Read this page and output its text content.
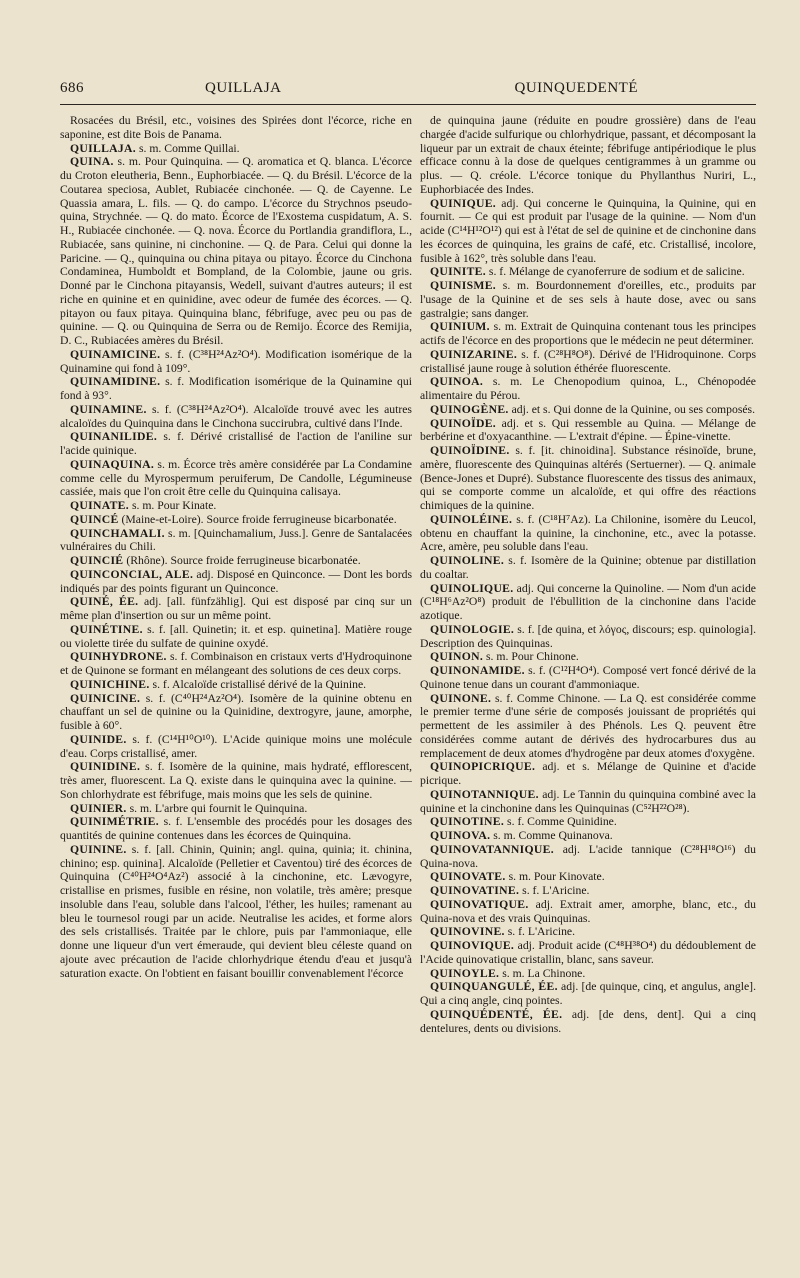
686	QUILLAJA	QUINQUEDENTÉ

Rosacées du Brésil, etc., voisines des Spirées dont l'écorce, riche en saponine, est dite Bois de Panama.

QUILLAJA. s. m. Comme Quillai.

QUINA. s. m. Pour Quinquina. — Q. aromatica et Q. blanca. L'écorce du Croton eleutheria, Benn., Euphorbiacée. — Q. du Brésil. L'écorce de la Coutarea speciosa, Aublet, Rubiacée cinchonée. — Q. de Cayenne. Le Quassia amara, L. fils. — Q. do campo. L'écorce du Strychnos pseudo-quina, Strychnée. — Q. do mato. Écorce de l'Exostema cuspidatum, A. S. H., Rubiacée cinchonée. — Q. nova. Écorce du Portlandia grandiflora, L., Rubiacée, sans quinine, ni cinchonine. — Q. de Para. Celui qui donne la Paricine. — Q., quinquina ou china pitaya ou pitayo. Écorce du Cinchona Condaminea, Humboldt et Bompland, de la Colombie, jaune ou gris. Donné par le Cinchona pitayansis, Wedell, suivant d'autres auteurs; il est riche en quinine et en quinidine, avec odeur de fumée des écorces. — Q. pitayon ou faux pitaya. Quinquina blanc, fébrifuge, avec peu ou pas de quinine. — Q. ou Quinquina de Serra ou de Remijo. Écorce des Remijia, D. C., Rubiacées amères du Brésil.

QUINAMICINE. s. f. (C³⁸H²⁴Az²O⁴). Modification isomérique de la Quinamine qui fond à 109°.

QUINAMIDINE. s. f. Modification isomérique de la Quinamine qui fond à 93°.

QUINAMINE. s. f. (C³⁸H²⁴Az²O⁴). Alcaloïde trouvé avec les autres alcaloïdes du Quinquina dans le Cinchona succirubra, cultivé dans l'Inde.

QUINANILIDE. s. f. Dérivé cristallisé de l'action de l'aniline sur l'acide quinique.

QUINAQUINA. s. m. Écorce très amère considérée par La Condamine comme celle du Myrospermum peruiferum, De Candolle, Légumineuse cassiée, mais que l'on croit être celle du Quinquina calisaya.

QUINATE. s. m. Pour Kinate.

QUINCÉ (Maine-et-Loire). Source froide ferrugineuse bicarbonatée.

QUINCHAMALI. s. m. [Quinchamalium, Juss.]. Genre de Santalacées vulnéraires du Chili.

QUINCIÉ (Rhône). Source froide ferrugineuse bicarbonatée.

QUINCONCIAL, ALE. adj. Disposé en Quinconce. — Dont les bords indiqués par des points figurant un Quinconce.

QUINÉ, ÉE. adj. [all. fünfzählig]. Qui est disposé par cinq sur un même plan d'insertion ou sur un même point.

QUINÉTINE. s. f. [all. Quinetin; it. et esp. quinetina]. Matière rouge ou violette tirée du sulfate de quinine oxydé.

QUINHYDRONE. s. f. Combinaison en cristaux verts d'Hydroquinone et de Quinone se formant en mélangeant des solutions de ces deux corps.

QUINICHINE. s. f. Alcaloïde cristallisé dérivé de la Quinine.

QUINICINE. s. f. (C⁴⁰H²⁴Az²O⁴). Isomère de la quinine obtenu en chauffant un sel de quinine ou la Quinidine, dextrogyre, jaune, amorphe, fusible à 60°.

QUINIDE. s. f. (C¹⁴H¹⁰O¹⁰). L'Acide quinique moins une molécule d'eau. Corps cristallisé, amer.

QUINIDINE. s. f. Isomère de la quinine, mais hydraté, efflorescent, très amer, fluorescent. La Q. existe dans le quinquina avec la quinine. — Son chlorhydrate est fébrifuge, mais moins que les sels de quinine.

QUINIER. s. m. L'arbre qui fournit le Quinquina.

QUINIMÉTRIE. s. f. L'ensemble des procédés pour les dosages des quantités de quinine contenues dans les écorces de Quinquina.

QUININE. s. f. [all. Chinin, Quinin; angl. quina, quinia; it. chinina, chinino; esp. quinina]. Alcaloïde (Pelletier et Caventou) tiré des écorces de Quinquina (C⁴⁰H²⁴O⁴Az²) associé à la cinchonine, etc. Lævogyre, cristallise en prismes, fusible en résine, non volatile, très amère; presque insoluble dans l'eau, soluble dans l'alcool, l'éther, les huiles; ramenant au bleu le tournesol rougi par un acide. Neutralise les acides, et forme alors des sels cristallisés. Traitée par le chlore, puis par l'ammoniaque, elle donne une liqueur d'un vert émeraude, qui devient bleu céleste quand on ajoute avec précaution de l'acide chlorhydrique étendu d'eau et jusqu'à saturation exacte. On l'obtient en faisant bouillir convenablement l'écorce

de quinquina jaune (réduite en poudre grossière) dans de l'eau chargée d'acide sulfurique ou chlorhydrique, passant, et décomposant la liqueur par un extrait de chaux éteinte; fébrifuge antipériodique le plus efficace connu à la dose de quelques centigrammes à un gramme ou plus. — Q. créole. L'écorce tonique du Phyllanthus Nuriri, L., Euphorbiacée des Indes.

QUINIQUE. adj. Qui concerne le Quinquina, la Quinine, qui en fournit. — Ce qui est produit par l'usage de la quinine. — Nom d'un acide (C¹⁴H¹²O¹²) qui est à l'état de sel de quinine et de cinchonine dans les écorces de quinquina, les grains de café, etc. Cristallisé, incolore, fusible à 162°, très soluble dans l'eau.

QUINITE. s. f. Mélange de cyanoferrure de sodium et de salicine.

QUINISME. s. m. Bourdonnement d'oreilles, etc., produits par l'usage de la Quinine et de ses sels à haute dose, avec ou sans gastralgie; sans danger.

QUINIUM. s. m. Extrait de Quinquina contenant tous les principes actifs de l'écorce en des proportions que le médecin ne peut déterminer.

QUINIZARINE. s. f. (C²⁸H⁸O⁸). Dérivé de l'Hidroquinone. Corps cristallisé jaune rouge à solution éthérée fluorescente.

QUINOA. s. m. Le Chenopodium quinoa, L., Chénopodée alimentaire du Pérou.

QUINOGÈNE. adj. et s. Qui donne de la Quinine, ou ses composés.

QUINOÏDE. adj. et s. Qui ressemble au Quina. — Mélange de berbérine et d'oxyacanthine. — L'extrait d'épine. — Épine-vinette.

QUINOÏDINE. s. f. [it. chinoidina]. Substance résinoïde, brune, amère, fluorescente des Quinquinas altérés (Sertuerner). — Q. animale (Bence-Jones et Dupré). Substance fluorescente des tissus des animaux, qui se comporte comme un alcaloïde, et qui offre des réactions chimiques de la quinine.

QUINOLÉINE. s. f. (C¹⁸H⁷Az). La Chilonine, isomère du Leucol, obtenu en chauffant la quinine, la cinchonine, etc., avec la potasse. Acre, amère, peu soluble dans l'eau.

QUINOLINE. s. f. Isomère de la Quinine; obtenue par distillation du coaltar.

QUINOLIQUE. adj. Qui concerne la Quinoline. — Nom d'un acide (C¹⁸H⁶Az²O⁸) produit de l'ébullition de la cinchonine dans l'acide azotique.

QUINOLOGIE. s. f. [de quina, et λόγος, discours; esp. quinologia]. Description des Quinquinas.

QUINON. s. m. Pour Chinone.

QUINONAMIDE. s. f. (C¹²H⁴O⁴). Composé vert foncé dérivé de la Quinone tenue dans un courant d'ammoniaque.

QUINONE. s. f. Comme Chinone. — La Q. est considérée comme le premier terme d'une série de composés jouissant de propriétés qui permettent de les assimiler à des Phénols. Les Q. peuvent être considérées comme autant de dérivés des hydrocarbures dus au remplacement de deux atomes d'hydrogène par deux atomes d'oxygène.

QUINOPICRIQUE. adj. et s. Mélange de Quinine et d'acide picrique.

QUINOTANNIQUE. adj. Le Tannin du quinquina combiné avec la quinine et la cinchonine dans les Quinquinas (C⁵²H²²O²⁸).

QUINOTINE. s. f. Comme Quinidine.

QUINOVA. s. m. Comme Quinanova.

QUINOVATANNIQUE. adj. L'acide tannique (C²⁸H¹⁸O¹⁶) du Quina-nova.

QUINOVATE. s. m. Pour Kinovate.

QUINOVATINE. s. f. L'Aricine.

QUINOVATIQUE. adj. Extrait amer, amorphe, blanc, etc., du Quina-nova et des vrais Quinquinas.

QUINOVINE. s. f. L'Aricine.

QUINOVIQUE. adj. Produit acide (C⁴⁸H³⁸O⁴) du dédoublement de l'Acide quinovatique cristallin, blanc, sans saveur.

QUINOYLE. s. m. La Chinone.

QUINQUANGULÉ, ÉE. adj. [de quinque, cinq, et angulus, angle]. Qui a cinq angle, cinq pointes.

QUINQUÉDENTÉ, ÉE. adj. [de dens, dent]. Qui a cinq dentelures, dents ou divisions.
